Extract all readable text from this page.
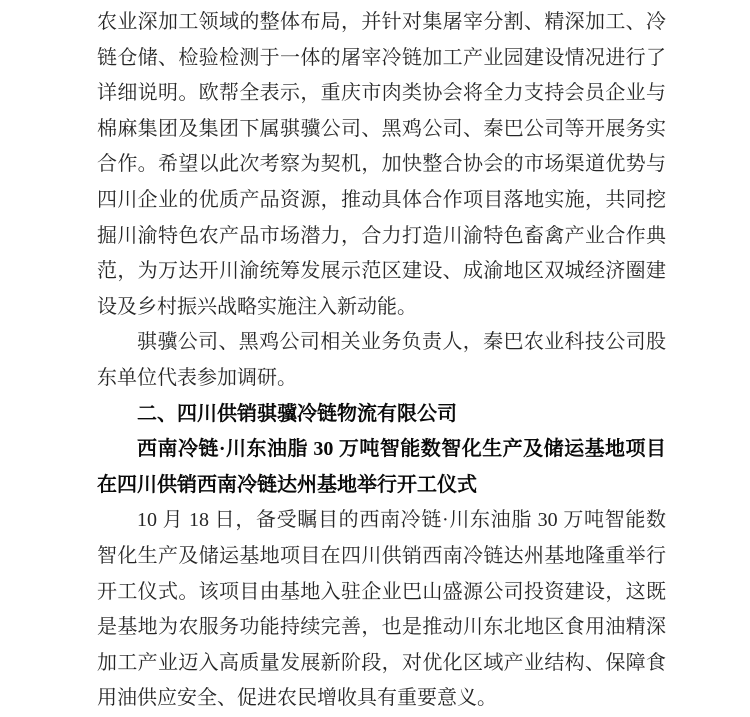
农业深加工领域的整体布局，并针对集屠宰分割、精深加工、冷链仓储、检验检测于一体的屠宰冷链加工产业园建设情况进行了详细说明。欧帮全表示，重庆市肉类协会将全力支持会员企业与棉麻集团及集团下属骐骥公司、黑鸡公司、秦巴公司等开展务实合作。希望以此次考察为契机，加快整合协会的市场渠道优势与四川企业的优质产品资源，推动具体合作项目落地实施，共同挖掘川渝特色农产品市场潜力，合力打造川渝特色畜禽产业合作典范，为万达开川渝统筹发展示范区建设、成渝地区双城经济圈建设及乡村振兴战略实施注入新动能。

骐骥公司、黑鸡公司相关业务负责人，秦巴农业科技公司股东单位代表参加调研。

二、四川供销骐骥冷链物流有限公司

西南冷链·川东油脂 30 万吨智能数智化生产及储运基地项目在四川供销西南冷链达州基地举行开工仪式

10 月 18 日，备受瞩目的西南冷链·川东油脂 30 万吨智能数智化生产及储运基地项目在四川供销西南冷链达州基地隆重举行开工仪式。该项目由基地入驻企业巴山盛源公司投资建设，这既是基地为农服务功能持续完善，也是推动川东北地区食用油精深加工产业迈入高质量发展新阶段，对优化区域产业结构、保障食用油供应安全、促进农民增收具有重要意义。
